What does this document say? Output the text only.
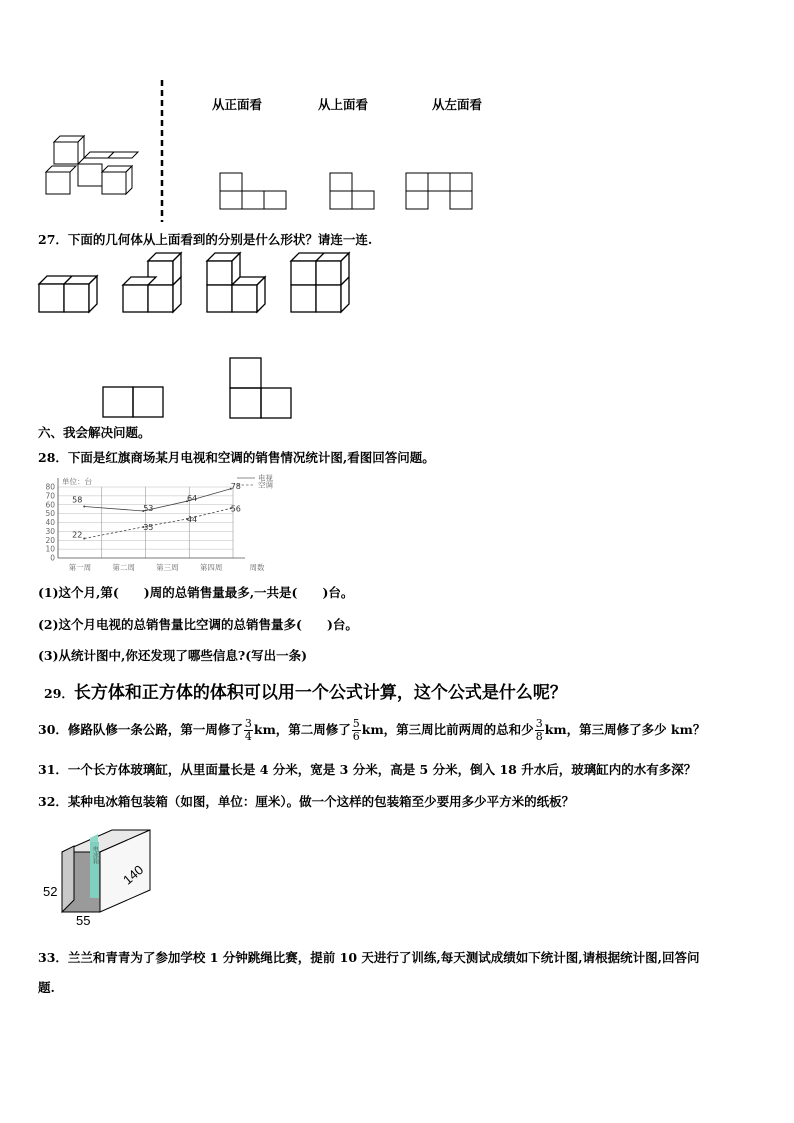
从正面看	从上面看	从左面看
27．下面的几何体从上面看到的分别是什么形状？请连一连.
六、我会解决问题。
28．下面是红旗商场某月电视和空调的销售情况统计图,看图回答问题。
0
10
20
30
40
50
60
70
80
第一周	第二周	第三周	第四周	周数
单位：台
58
53
64
78
电视
22
35
44
56
空调
(1)这个月,第(　　)周的总销售量最多,一共是(　　)台。
(2)这个月电视的总销售量比空调的总销售量多(　　)台。
(3)从统计图中,你还发现了哪些信息?(写出一条)
29．长方体和正方体的体积可以用一个公式计算，这个公式是什么呢？
30．修路队修一条公路，第一周修了 $\frac{3}{4}$ km，第二周修了 $\frac{5}{6}$ km，第三周比前两周的总和少 $\frac{3}{8}$ km，第三周修了多少 km？
31．一个长方体玻璃缸，从里面量长是 4 分米，宽是 3 分米，高是 5 分米，倒入 18 升水后，玻璃缸内的水有多深？
32．某种电冰箱包装箱（如图，单位：厘米）。做一个这样的包装箱至少要用多少平方米的纸板？
电冰箱
52
55
140
33．兰兰和青青为了参加学校 1 分钟跳绳比赛，提前 10 天进行了训练,每天测试成绩如下统计图,请根据统计图,回答问
题.
